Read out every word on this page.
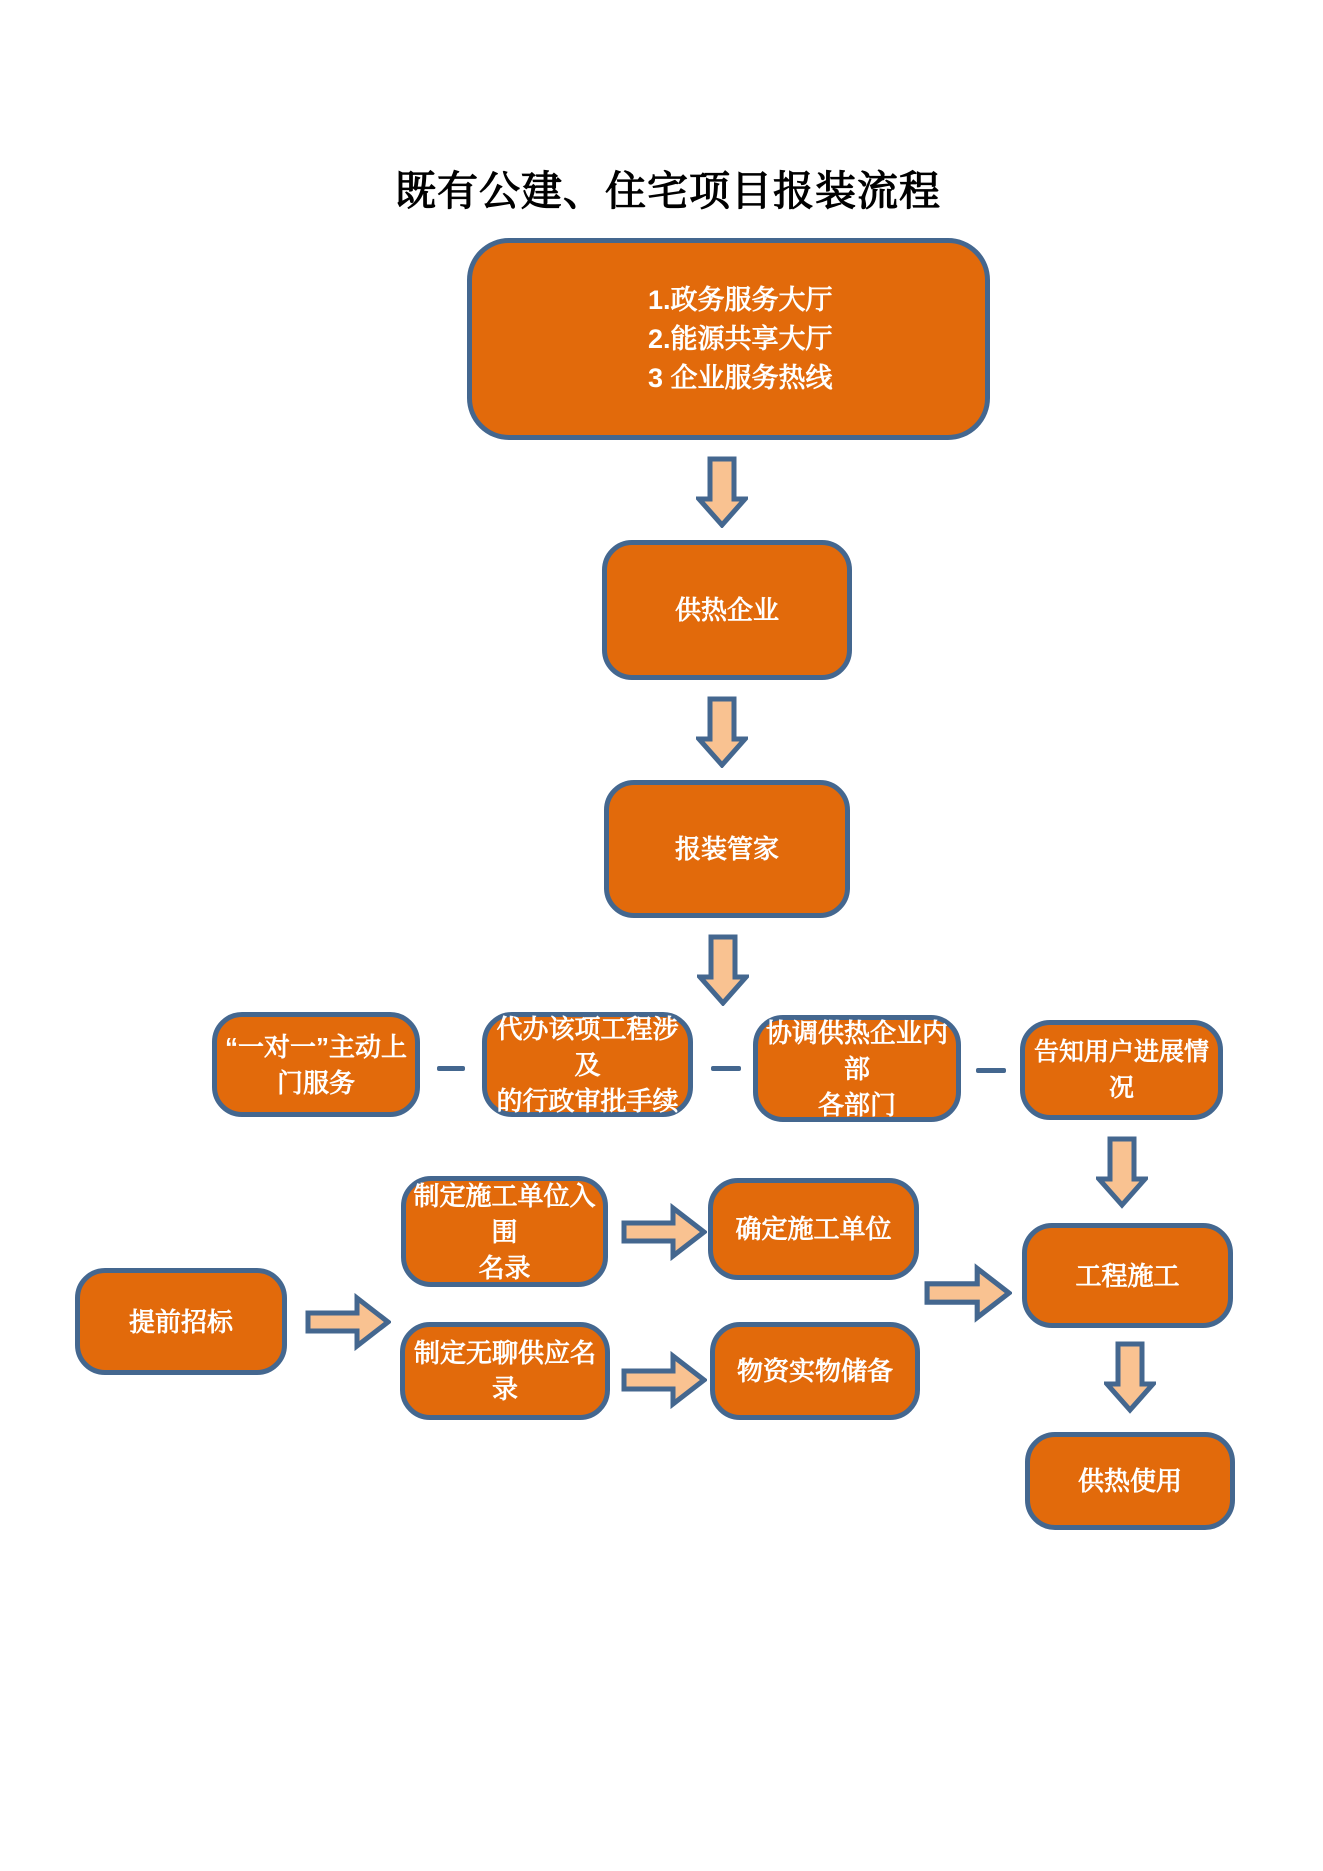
既有公建、住宅项目报装流程
1.政务服务大厅
2.能源共享大厅
3 企业服务热线
供热企业
报装管家
“一对一”主动上
门服务
代办该项工程涉及
的行政审批手续
协调供热企业内部
各部门
告知用户进展情况
制定施工单位入围
名录
确定施工单位
提前招标
制定无聊供应名录
物资实物储备
工程施工
供热使用
